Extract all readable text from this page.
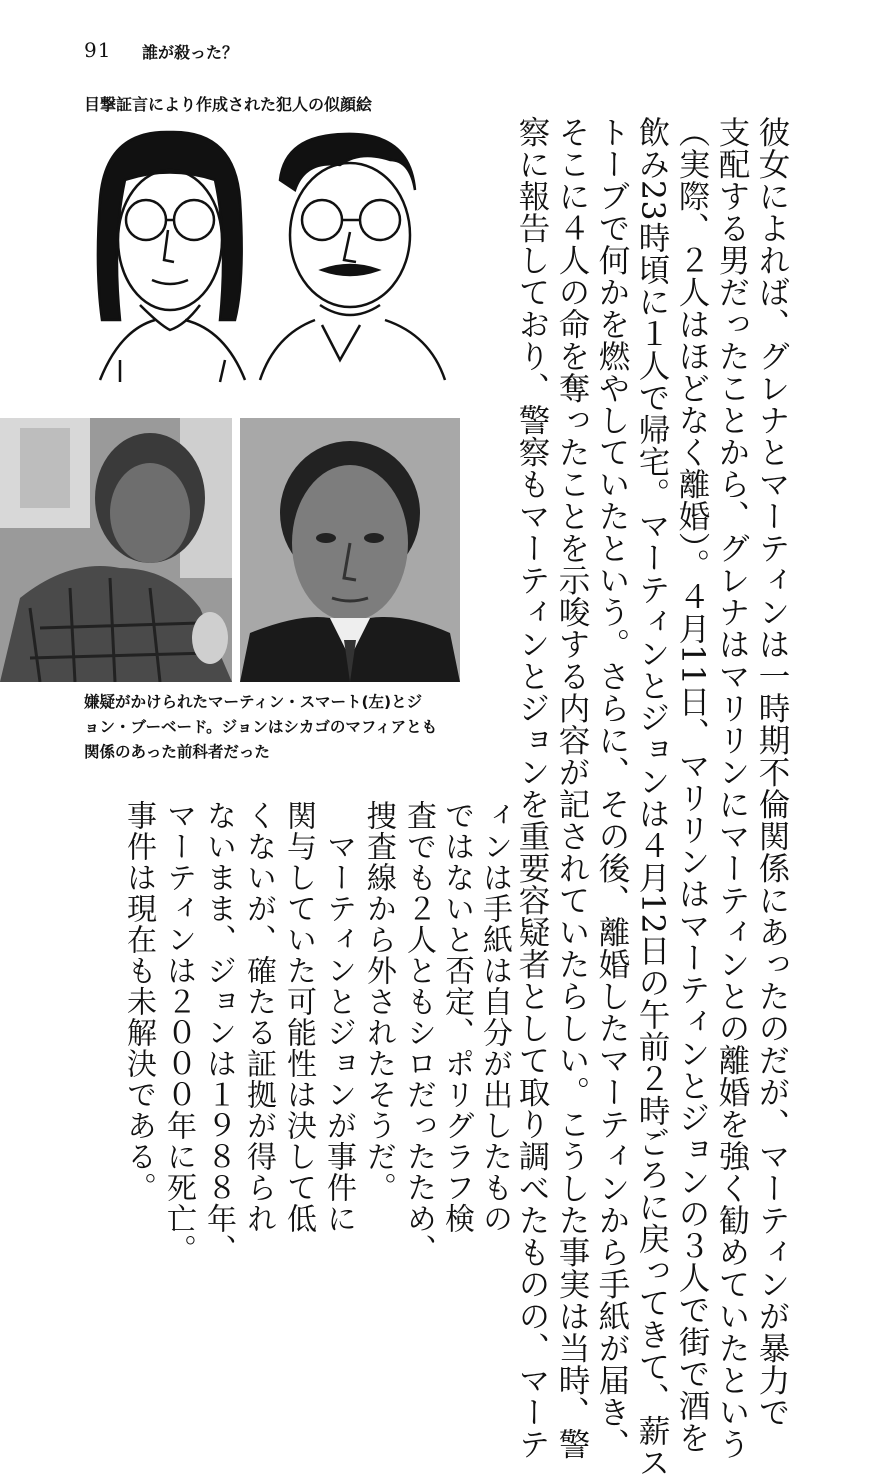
91 誰が殺った？
目撃証言により作成された犯人の似顔絵
嫌疑がかけられたマーティン・スマート(左)とジ
ョン・ブーベード。ジョンはシカゴのマフィアとも
関係のあった前科者だった	彼女によれば、グレナとマーティンは一時期不倫関係にあったのだが、マーティンが暴力で
支配する男だったことから、グレナはマリリンにマーティンとの離婚を強く勧めていたという
（実際、２人はほどなく離婚）。４月11日、マリリンはマーティンとジョンの３人で街で酒を
飲み23時頃に１人で帰宅。マーティンとジョンは４月12日の午前２時ごろに戻ってきて、薪ス
トーブで何かを燃やしていたという。さらに、その後、離婚したマーティンから手紙が届き、
そこに４人の命を奪ったことを示唆する内容が記されていたらしい。こうした事実は当時、警
察に報告しており、警察もマーティンとジョンを重要容疑者として取り調べたものの、マーテ
ィンは手紙は自分が出したもの
ではないと否定、ポリグラフ検
査でも２人ともシロだったため、
捜査線から外されたそうだ。
　マーティンとジョンが事件に
関与していた可能性は決して低
くないが、確たる証拠が得られ
ないまま、ジョンは１９８８年、
マーティンは２０００年に死亡。
事件は現在も未解決である。
